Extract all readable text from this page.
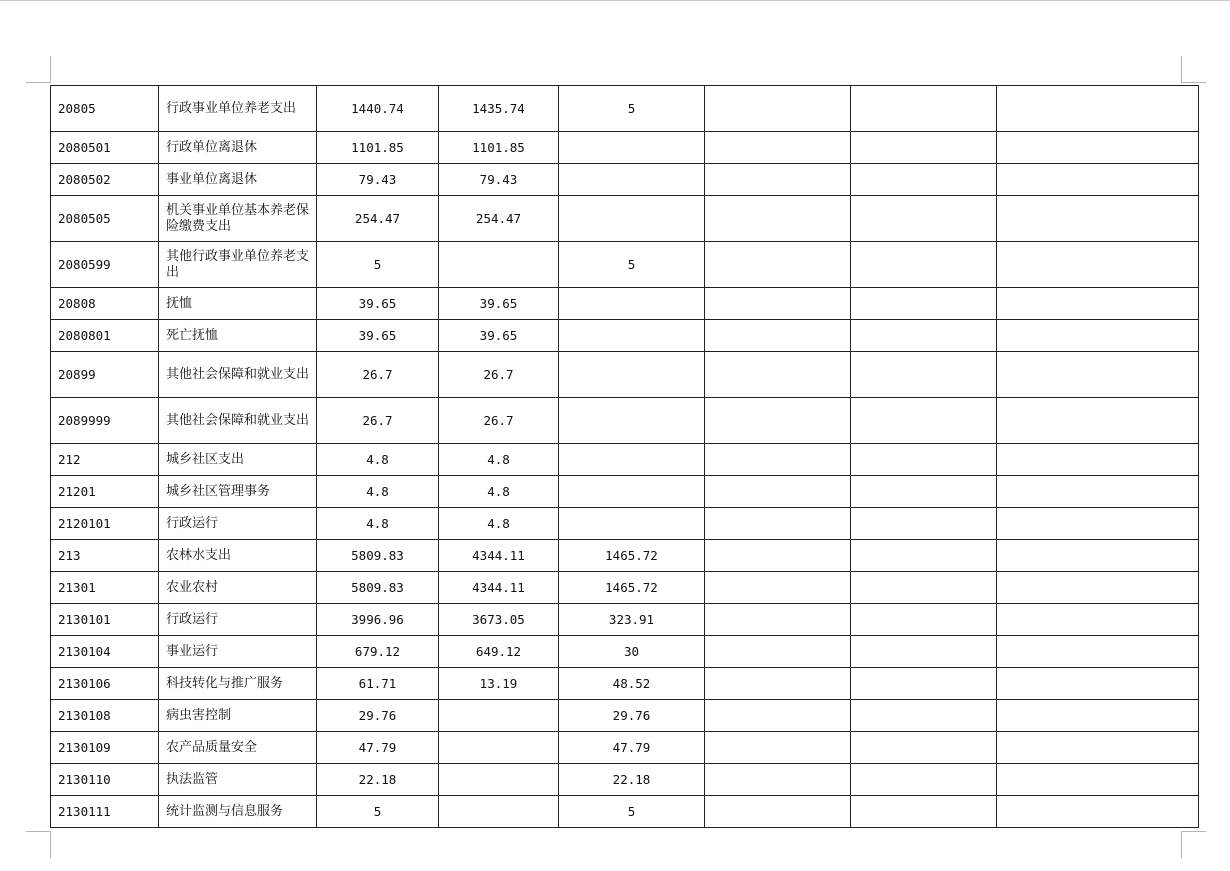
20805	行政事业单位养老支出	1440.74	1435.74	5			
2080501	行政单位离退休	1101.85	1101.85				
2080502	事业单位离退休	79.43	79.43				
2080505	机关事业单位基本养老保险缴费支出	254.47	254.47				
2080599	其他行政事业单位养老支出	5		5			
20808	抚恤	39.65	39.65				
2080801	死亡抚恤	39.65	39.65				
20899	其他社会保障和就业支出	26.7	26.7				
2089999	其他社会保障和就业支出	26.7	26.7				
212	城乡社区支出	4.8	4.8				
21201	城乡社区管理事务	4.8	4.8				
2120101	行政运行	4.8	4.8				
213	农林水支出	5809.83	4344.11	1465.72			
21301	农业农村	5809.83	4344.11	1465.72			
2130101	行政运行	3996.96	3673.05	323.91			
2130104	事业运行	679.12	649.12	30			
2130106	科技转化与推广服务	61.71	13.19	48.52			
2130108	病虫害控制	29.76		29.76			
2130109	农产品质量安全	47.79		47.79			
2130110	执法监管	22.18		22.18			
2130111	统计监测与信息服务	5		5			
